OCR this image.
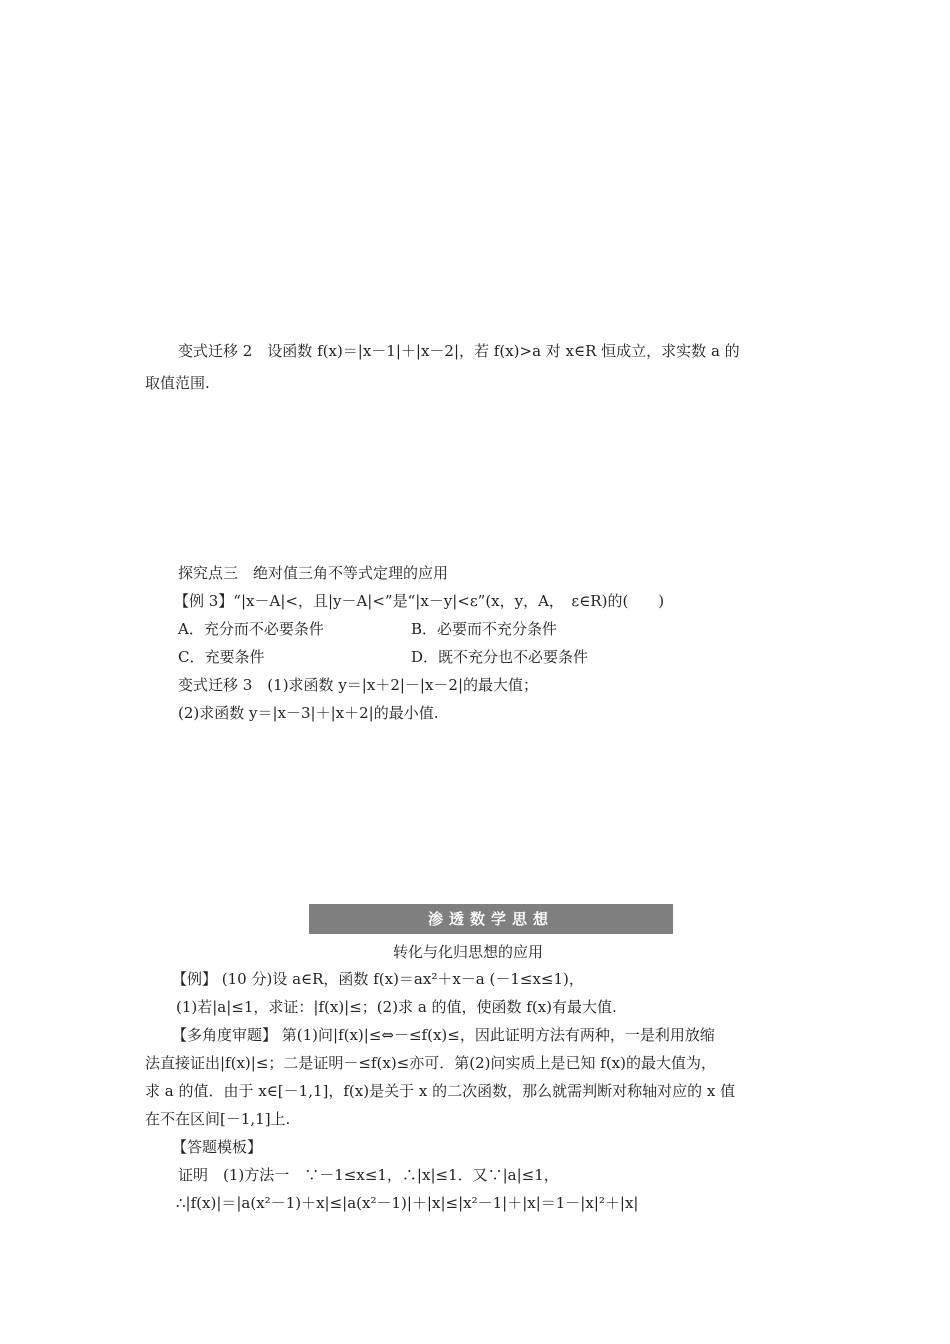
变式迁移 2　设函数 f(x)＝|x－1|＋|x－2|，若 f(x)>a 对 x∈R 恒成立，求实数 a 的
取值范围.
探究点三　绝对值三角不等式定理的应用
【例 3】“|x－A|<，且|y－A|<”是“|x－y|<ε”(x，y，A，　ε∈R)的(　　)
A．充分而不必要条件	B．必要而不充分条件
C．充要条件	D．既不充分也不必要条件
变式迁移 3　(1)求函数 y＝|x＋2|－|x－2|的最大值；
(2)求函数 y＝|x－3|＋|x＋2|的最小值.
渗透数学思想
转化与化归思想的应用
【例】 (10 分)设 a∈R，函数 f(x)＝ax²＋x－a (－1≤x≤1)，
(1)若|a|≤1，求证：|f(x)|≤；(2)求 a 的值，使函数 f(x)有最大值.
【多角度审题】 第(1)问|f(x)|≤⇔－≤f(x)≤，因此证明方法有两种，一是利用放缩
法直接证出|f(x)|≤；二是证明－≤f(x)≤亦可．第(2)问实质上是已知 f(x)的最大值为，
求 a 的值．由于 x∈[－1,1]，f(x)是关于 x 的二次函数，那么就需判断对称轴对应的 x 值
在不在区间[－1,1]上.
【答题模板】
证明　(1)方法一　∵－1≤x≤1，∴|x|≤1．又∵|a|≤1，
∴|f(x)|＝|a(x²－1)＋x|≤|a(x²－1)|＋|x|≤|x²－1|＋|x|＝1－|x|²＋|x|
